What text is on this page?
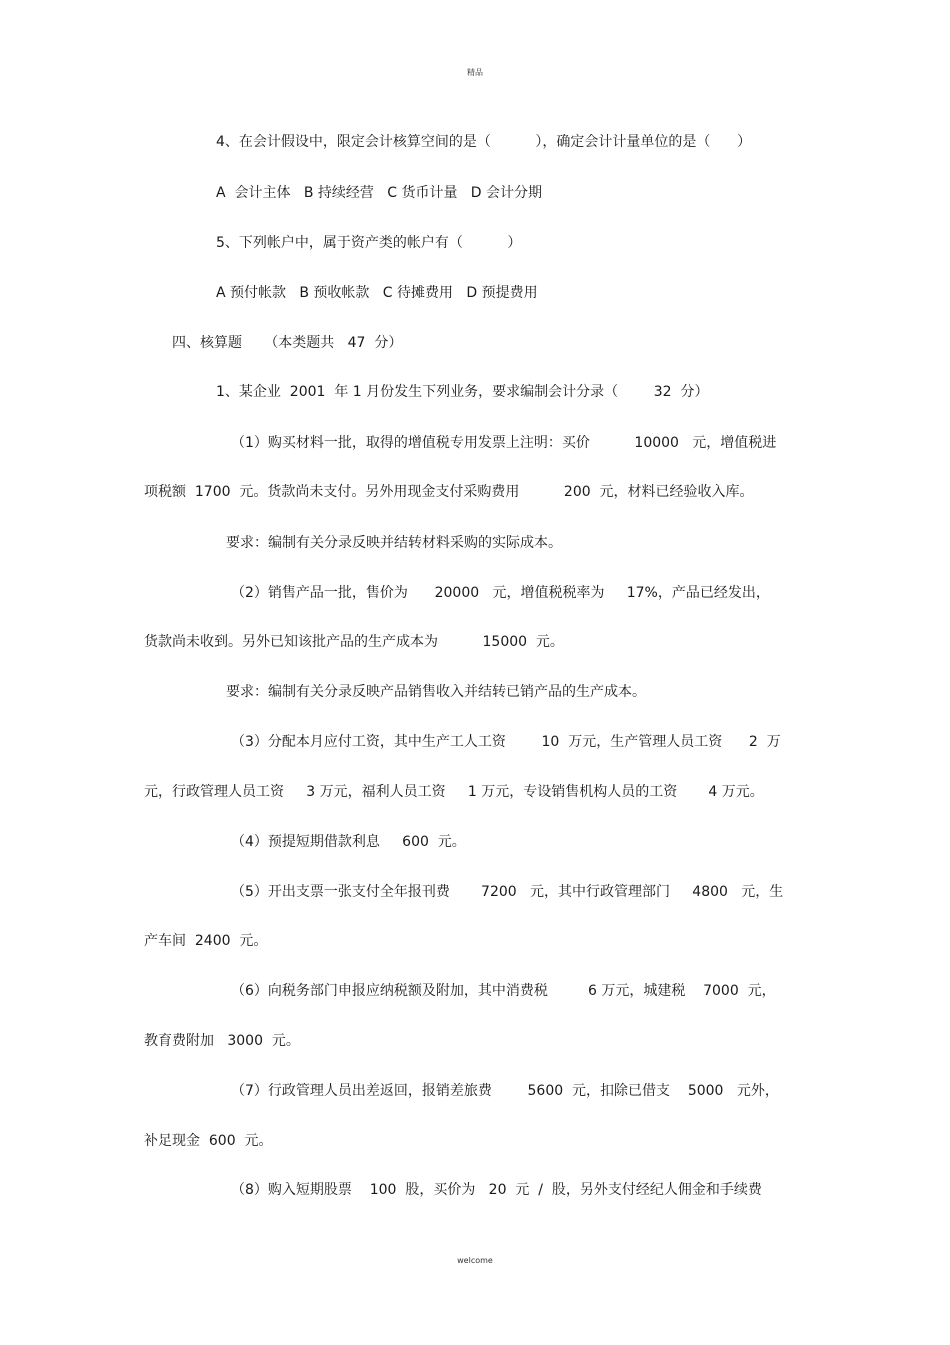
精品
4、在会计假设中，限定会计核算空间的是（          ），确定会计计量单位的是（      ）
A  会计主体   B 持续经营   C 货币计量   D 会计分期
5、下列帐户中，属于资产类的帐户有（          ）
A 预付帐款   B 预收帐款   C 待摊费用   D 预提费用
四、核算题     （本类题共   47  分）
1、某企业  2001  年 1 月份发生下列业务，要求编制会计分录（        32  分）
（1）购买材料一批，取得的增值税专用发票上注明：买价          10000   元，增值税进
项税额  1700  元。货款尚未支付。另外用现金支付采购费用          200  元，材料已经验收入库。
要求：编制有关分录反映并结转材料采购的实际成本。
（2）销售产品一批，售价为      20000   元，增值税税率为     17%，产品已经发出，
货款尚未收到。另外已知该批产品的生产成本为          15000  元。
要求：编制有关分录反映产品销售收入并结转已销产品的生产成本。
（3）分配本月应付工资，其中生产工人工资        10  万元，生产管理人员工资      2  万
元，行政管理人员工资     3 万元，福利人员工资     1 万元，专设销售机构人员的工资       4 万元。
（4）预提短期借款利息     600  元。
（5）开出支票一张支付全年报刊费       7200   元，其中行政管理部门     4800   元，生
产车间  2400  元。
（6）向税务部门申报应纳税额及附加，其中消费税         6 万元，城建税    7000  元，
教育费附加   3000  元。
（7）行政管理人员出差返回，报销差旅费        5600  元，扣除已借支    5000   元外，
补足现金  600  元。
（8）购入短期股票    100  股，买价为   20  元  /  股，另外支付经纪人佣金和手续费
welcome
